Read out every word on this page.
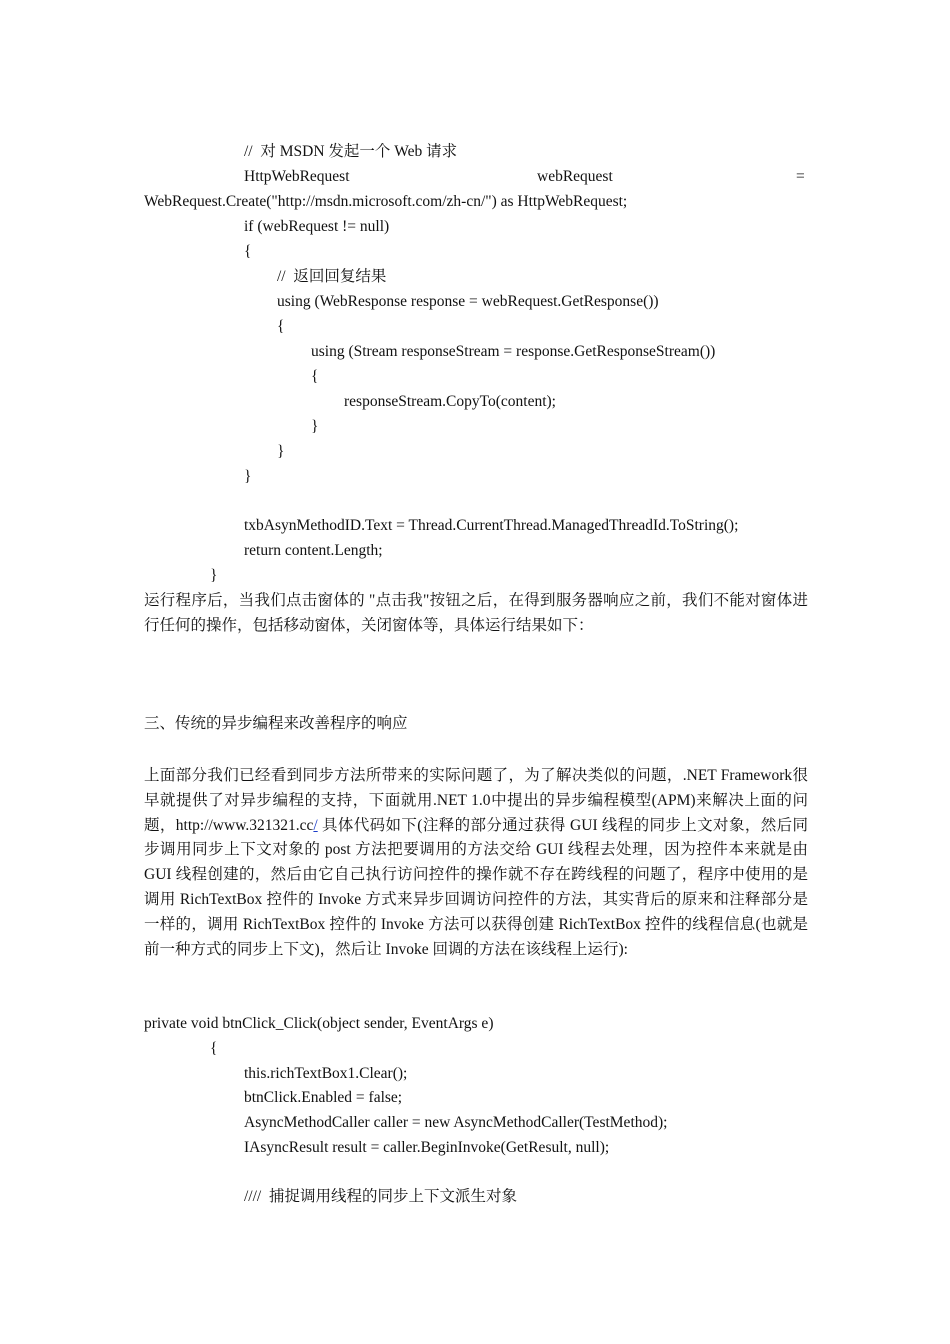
//  对 MSDN 发起一个 Web 请求
HttpWebRequest	webRequest	=
WebRequest.Create("http://msdn.microsoft.com/zh-cn/") as HttpWebRequest;
if (webRequest != null)
{
//  返回回复结果
using (WebResponse response = webRequest.GetResponse())
{
using (Stream responseStream = response.GetResponseStream())
{
responseStream.CopyTo(content);
}
}
}
txbAsynMethodID.Text = Thread.CurrentThread.ManagedThreadId.ToString();
return content.Length;
}

运行程序后，当我们点击窗体的 "点击我"按钮之后，在得到服务器响应之前，我们不能对窗体进行任何的操作，包括移动窗体，关闭窗体等，具体运行结果如下：

三、传统的异步编程来改善程序的响应

上面部分我们已经看到同步方法所带来的实际问题了，为了解决类似的问题，.NET Framework很早就提供了对异步编程的支持，下面就用.NET 1.0中提出的异步编程模型(APM)来解决上面的问题，http://www.321321.cc/ 具体代码如下(注释的部分通过获得 GUI 线程的同步上文对象，然后同步调用同步上下文对象的 post 方法把要调用的方法交给 GUI 线程去处理，因为控件本来就是由 GUI 线程创建的，然后由它自己执行访问控件的操作就不存在跨线程的问题了，程序中使用的是调用 RichTextBox 控件的 Invoke 方式来异步回调访问控件的方法，其实背后的原来和注释部分是一样的，调用 RichTextBox 控件的 Invoke 方法可以获得创建 RichTextBox 控件的线程信息(也就是前一种方式的同步上下文)，然后让 Invoke 回调的方法在该线程上运行):

private void btnClick_Click(object sender, EventArgs e)
{
this.richTextBox1.Clear();
btnClick.Enabled = false;
AsyncMethodCaller caller = new AsyncMethodCaller(TestMethod);
IAsyncResult result = caller.BeginInvoke(GetResult, null);
////  捕捉调用线程的同步上下文派生对象
